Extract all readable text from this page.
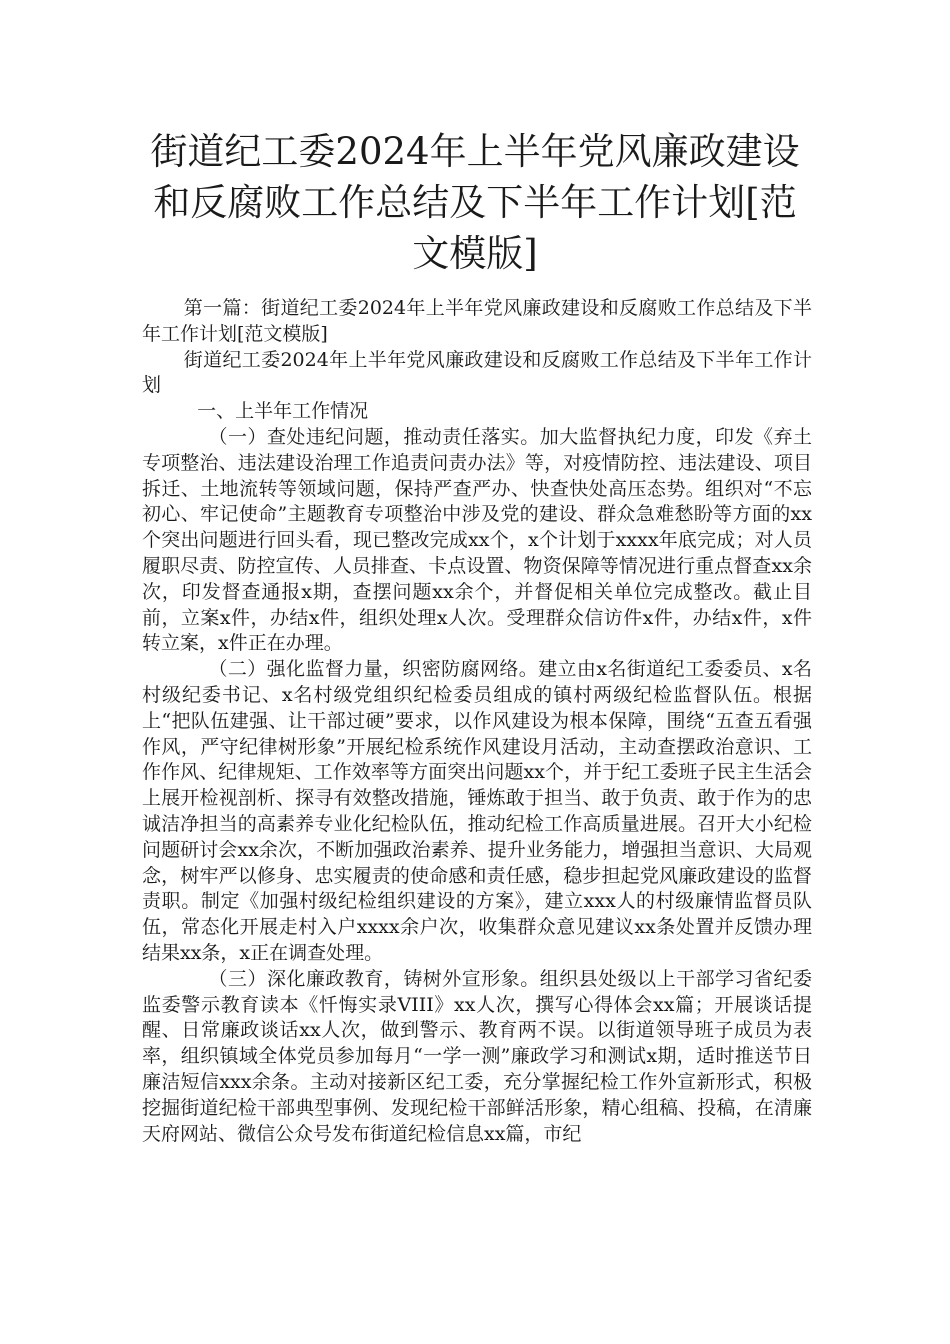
街道纪工委2024年上半年党风廉政建设和反腐败工作总结及下半年工作计划[范文模版]

第一篇：街道纪工委2024年上半年党风廉政建设和反腐败工作总结及下半年工作计划[范文模版]

街道纪工委2024年上半年党风廉政建设和反腐败工作总结及下半年工作计划

一、上半年工作情况

（一）查处违纪问题，推动责任落实。加大监督执纪力度，印发《弃土专项整治、违法建设治理工作追责问责办法》等，对疫情防控、违法建设、项目拆迁、土地流转等领域问题，保持严查严办、快查快处高压态势。组织对“不忘初心、牢记使命”主题教育专项整治中涉及党的建设、群众急难愁盼等方面的xx个突出问题进行回头看，现已整改完成xx个，x个计划于xxxx年底完成；对人员履职尽责、防控宣传、人员排查、卡点设置、物资保障等情况进行重点督查xx余次，印发督查通报x期，查摆问题xx余个，并督促相关单位完成整改。截止目前，立案x件，办结x件，组织处理x人次。受理群众信访件x件，办结x件，x件转立案，x件正在办理。

（二）强化监督力量，织密防腐网络。建立由x名街道纪工委委员、x名村级纪委书记、x名村级党组织纪检委员组成的镇村两级纪检监督队伍。根据上“把队伍建强、让干部过硬”要求，以作风建设为根本保障，围绕“五查五看强作风，严守纪律树形象”开展纪检系统作风建设月活动，主动查摆政治意识、工作作风、纪律规矩、工作效率等方面突出问题xx个，并于纪工委班子民主生活会上展开检视剖析、探寻有效整改措施，锤炼敢于担当、敢于负责、敢于作为的忠诚洁净担当的高素养专业化纪检队伍，推动纪检工作高质量进展。召开大小纪检问题研讨会xx余次，不断加强政治素养、提升业务能力，增强担当意识、大局观念，树牢严以修身、忠实履责的使命感和责任感，稳步担起党风廉政建设的监督责职。制定《加强村级纪检组织建设的方案》，建立xxx人的村级廉情监督员队伍，常态化开展走村入户xxxx余户次，收集群众意见建议xx条处置并反馈办理结果xx条，x正在调查处理。

（三）深化廉政教育，铸树外宣形象。组织县处级以上干部学习省纪委监委警示教育读本《忏悔实录VIII》xx人次，撰写心得体会xx篇；开展谈话提醒、日常廉政谈话xx人次，做到警示、教育两不误。以街道领导班子成员为表率，组织镇域全体党员参加每月“一学一测”廉政学习和测试x期，适时推送节日廉洁短信xxx余条。主动对接新区纪工委，充分掌握纪检工作外宣新形式，积极挖掘街道纪检干部典型事例、发现纪检干部鲜活形象，精心组稿、投稿，在清廉天府网站、微信公众号发布街道纪检信息xx篇，市纪
